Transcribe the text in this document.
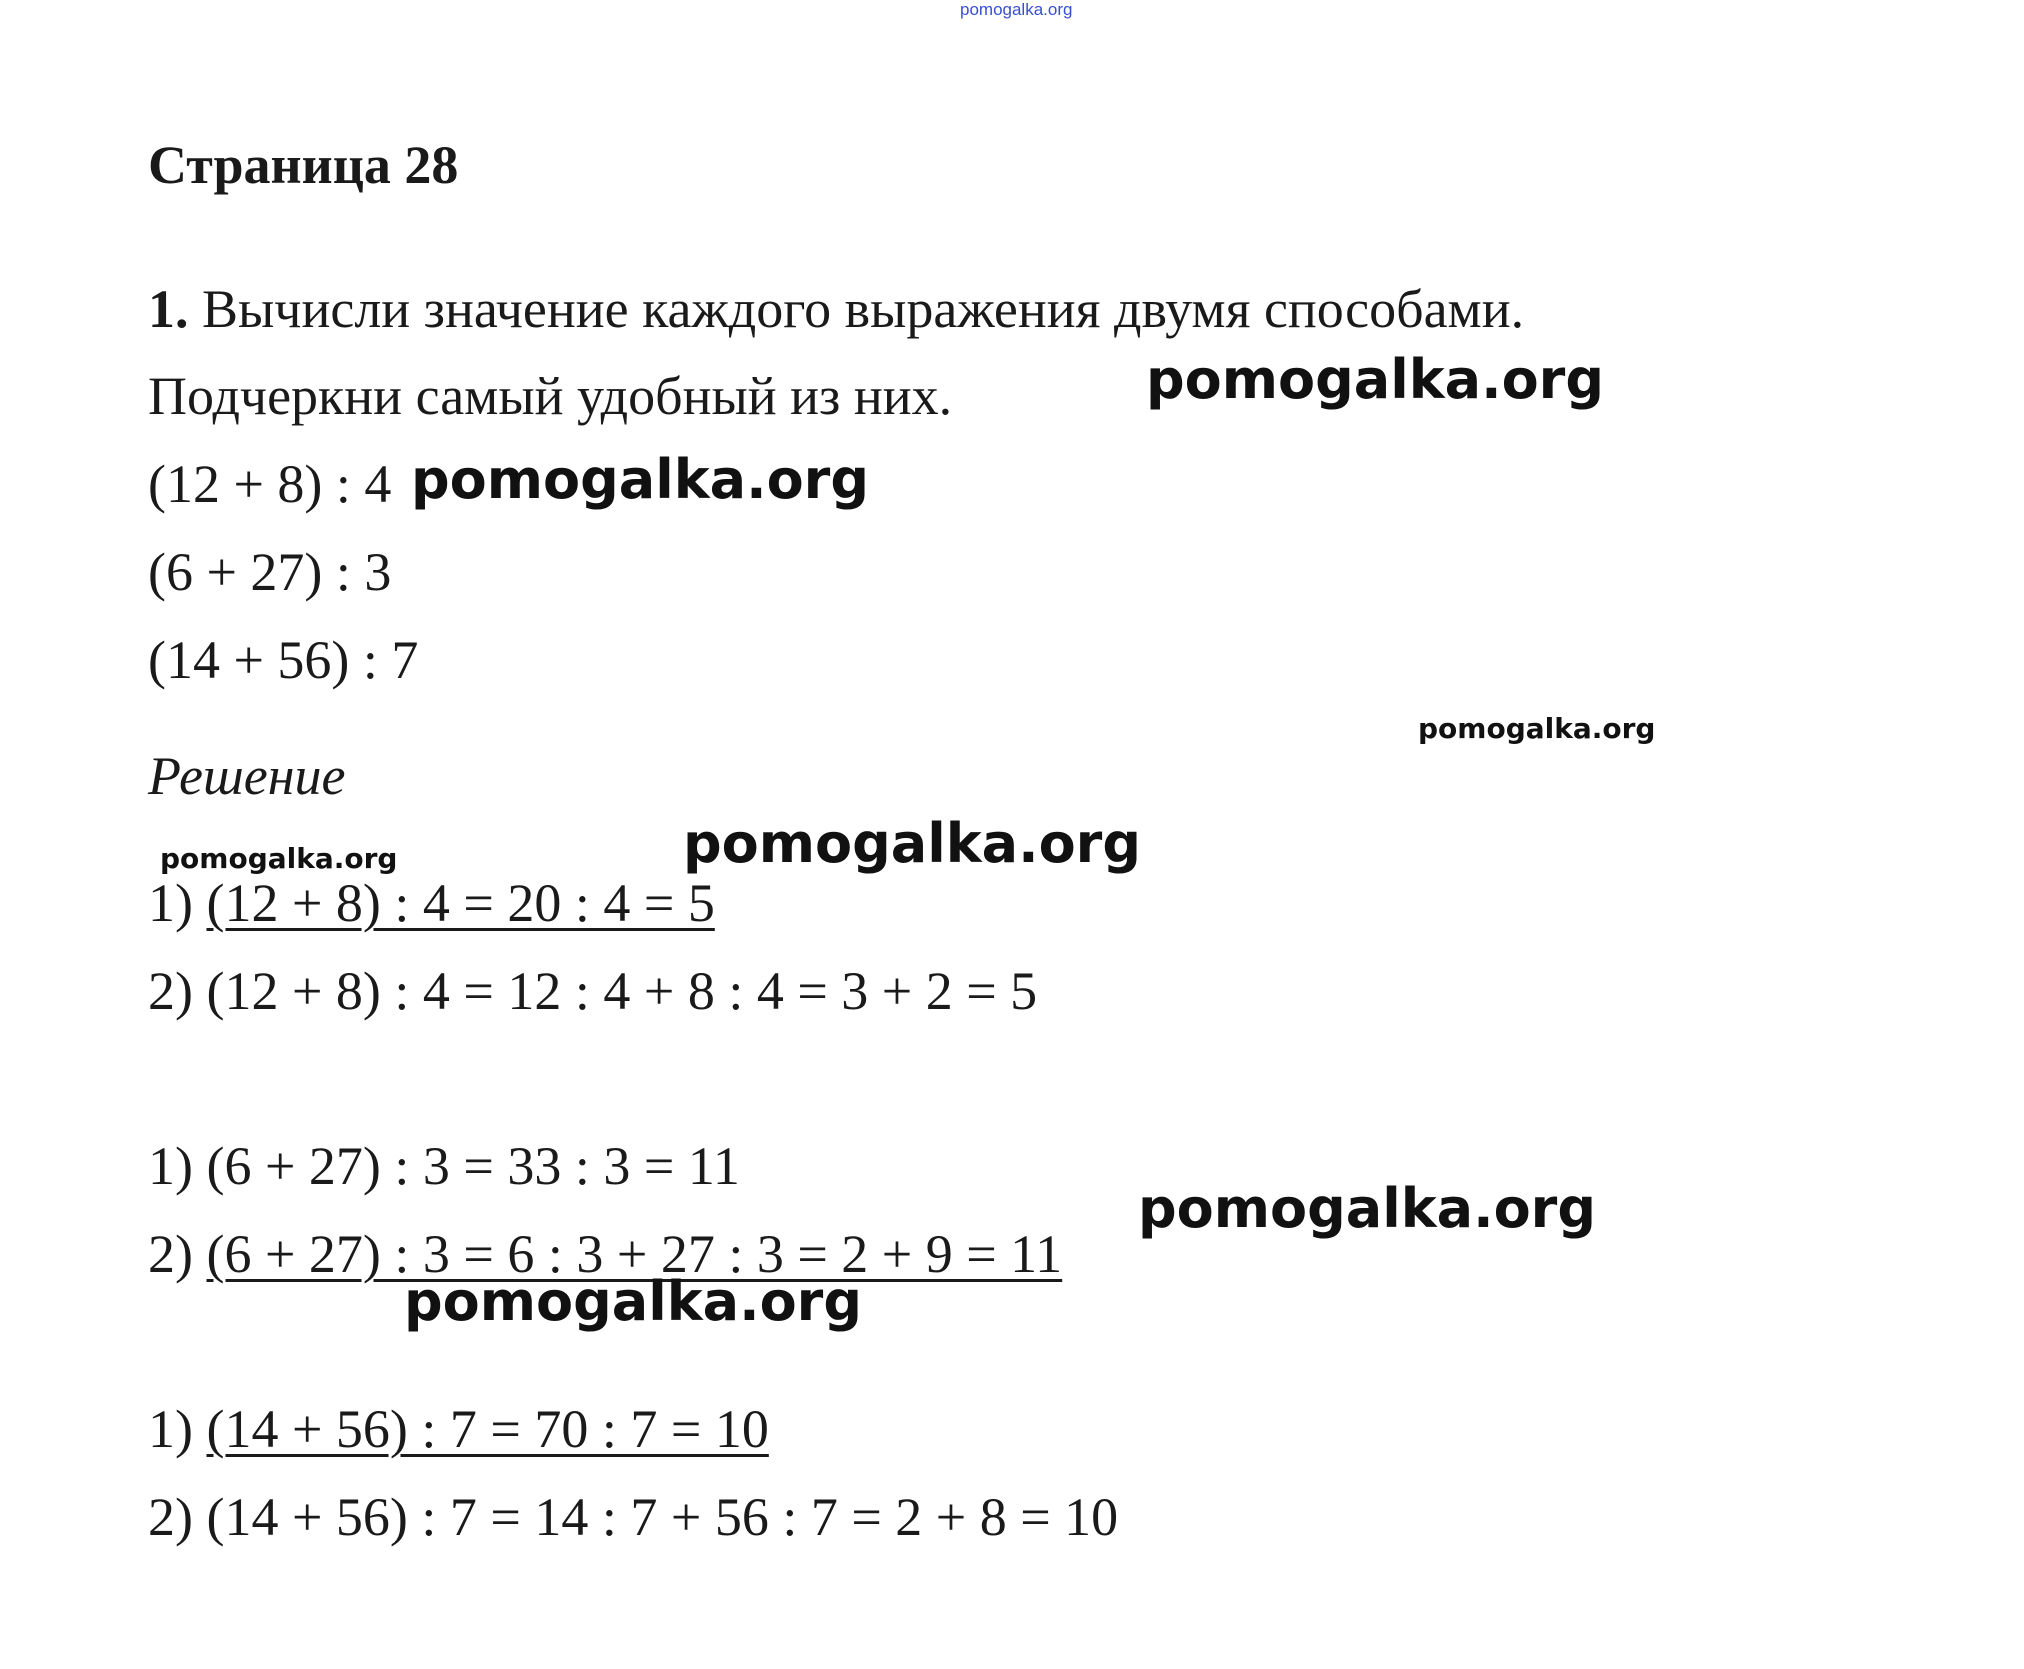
pomogalka.org
Страница 28
1. Вычисли значение каждого выражения двумя способами.
Подчеркни самый удобный из них.
(12 + 8) : 4
(6 + 27) : 3
(14 + 56) : 7
Решение
1) (12 + 8) : 4 = 20 : 4 = 5
2) (12 + 8) : 4 = 12 : 4 + 8 : 4 = 3 + 2 = 5
1) (6 + 27) : 3 = 33 : 3 = 11
2) (6 + 27) : 3 = 6 : 3 + 27 : 3 = 2 + 9 = 11
1) (14 + 56) : 7 = 70 : 7 = 10
2) (14 + 56) : 7 = 14 : 7 + 56 : 7 = 2 + 8 = 10
pomogalka.org
pomogalka.org
pomogalka.org
pomogalka.org
pomogalka.org
pomogalka.org
pomogalka.org
